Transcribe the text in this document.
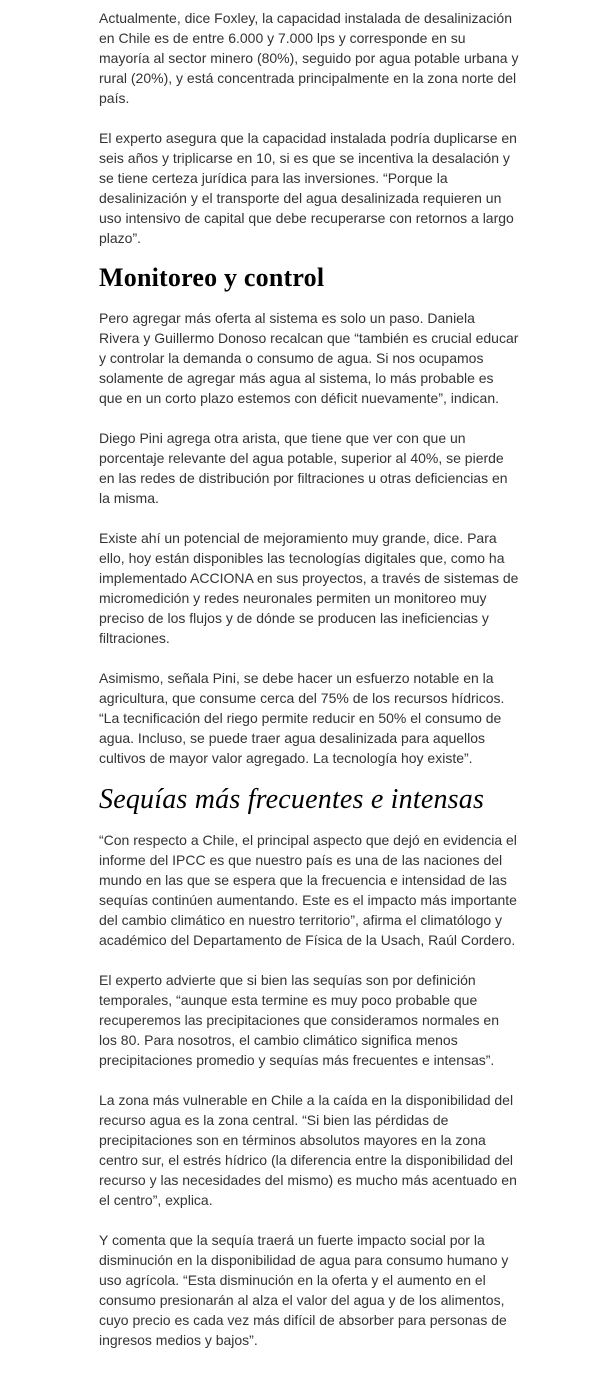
Actualmente, dice Foxley, la capacidad instalada de desalinización en Chile es de entre 6.000 y 7.000 lps y corresponde en su mayoría al sector minero (80%), seguido por agua potable urbana y rural (20%), y está concentrada principalmente en la zona norte del país.

El experto asegura que la capacidad instalada podría duplicarse en seis años y triplicarse en 10, si es que se incentiva la desalación y se tiene certeza jurídica para las inversiones. “Porque la desalinización y el transporte del agua desalinizada requieren un uso intensivo de capital que debe recuperarse con retornos a largo plazo”.

Monitoreo y control

Pero agregar más oferta al sistema es solo un paso. Daniela Rivera y Guillermo Donoso recalcan que “también es crucial educar y controlar la demanda o consumo de agua. Si nos ocupamos solamente de agregar más agua al sistema, lo más probable es que en un corto plazo estemos con déficit nuevamente”, indican.

Diego Pini agrega otra arista, que tiene que ver con que un porcentaje relevante del agua potable, superior al 40%, se pierde en las redes de distribución por filtraciones u otras deficiencias en la misma.

Existe ahí un potencial de mejoramiento muy grande, dice. Para ello, hoy están disponibles las tecnologías digitales que, como ha implementado ACCIONA en sus proyectos, a través de sistemas de micromedición y redes neuronales permiten un monitoreo muy preciso de los flujos y de dónde se producen las ineficiencias y filtraciones.

Asimismo, señala Pini, se debe hacer un esfuerzo notable en la agricultura, que consume cerca del 75% de los recursos hídricos. “La tecnificación del riego permite reducir en 50% el consumo de agua. Incluso, se puede traer agua desalinizada para aquellos cultivos de mayor valor agregado. La tecnología hoy existe”.

Sequías más frecuentes e intensas

“Con respecto a Chile, el principal aspecto que dejó en evidencia el informe del IPCC es que nuestro país es una de las naciones del mundo en las que se espera que la frecuencia e intensidad de las sequías continúen aumentando. Este es el impacto más importante del cambio climático en nuestro territorio”, afirma el climatólogo y académico del Departamento de Física de la Usach, Raúl Cordero.

El experto advierte que si bien las sequías son por definición temporales, “aunque esta termine es muy poco probable que recuperemos las precipitaciones que consideramos normales en los 80. Para nosotros, el cambio climático significa menos precipitaciones promedio y sequías más frecuentes e intensas”.

La zona más vulnerable en Chile a la caída en la disponibilidad del recurso agua es la zona central. “Si bien las pérdidas de precipitaciones son en términos absolutos mayores en la zona centro sur, el estrés hídrico (la diferencia entre la disponibilidad del recurso y las necesidades del mismo) es mucho más acentuado en el centro”, explica.

Y comenta que la sequía traerá un fuerte impacto social por la disminución en la disponibilidad de agua para consumo humano y uso agrícola. “Esta disminución en la oferta y el aumento en el consumo presionarán al alza el valor del agua y de los alimentos, cuyo precio es cada vez más difícil de absorber para personas de ingresos medios y bajos”.
